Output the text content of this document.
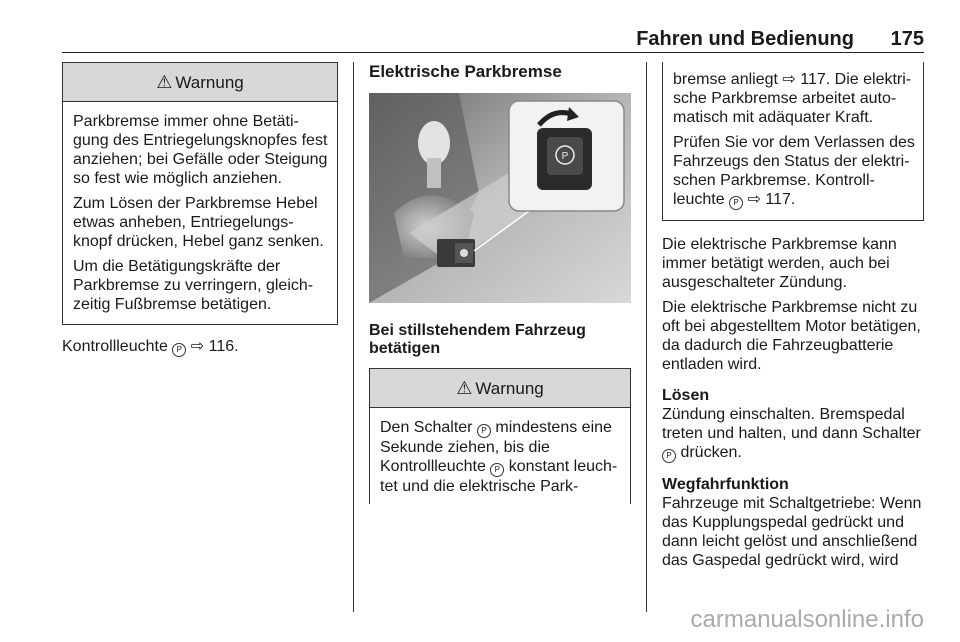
Fahren und Bedienung 175
⚠ Warnung

Parkbremse immer ohne Betäti-gung des Entriegelungsknopfes fest anziehen; bei Gefälle oder Steigung so fest wie möglich anziehen.

Zum Lösen der Parkbremse Hebel etwas anheben, Entriegelungs-knopf drücken, Hebel ganz senken.

Um die Betätigungskräfte der Parkbremse zu verringern, gleich-zeitig Fußbremse betätigen.

Kontrollleuchte P ⇨ 116.

Elektrische Parkbremse

P

Bei stillstehendem Fahrzeug betätigen

⚠ Warnung

Den Schalter P mindestens eine Sekunde ziehen, bis die Kontrollleuchte P konstant leuch-tet und die elektrische Park-

bremse anliegt ⇨ 117. Die elektri-sche Parkbremse arbeitet auto-matisch mit adäquater Kraft.

Prüfen Sie vor dem Verlassen des Fahrzeugs den Status der elektri-schen Parkbremse. Kontroll-leuchte P ⇨ 117.

Die elektrische Parkbremse kann immer betätigt werden, auch bei ausgeschalteter Zündung.

Die elektrische Parkbremse nicht zu oft bei abgestelltem Motor betätigen, da dadurch die Fahrzeugbatterie entladen wird.

Lösen

Zündung einschalten. Bremspedal treten und halten, und dann Schalter P drücken.

Wegfahrfunktion

Fahrzeuge mit Schaltgetriebe: Wenn das Kupplungspedal gedrückt und dann leicht gelöst und anschließend das Gaspedal gedrückt wird, wird

carmanualsonline.info
